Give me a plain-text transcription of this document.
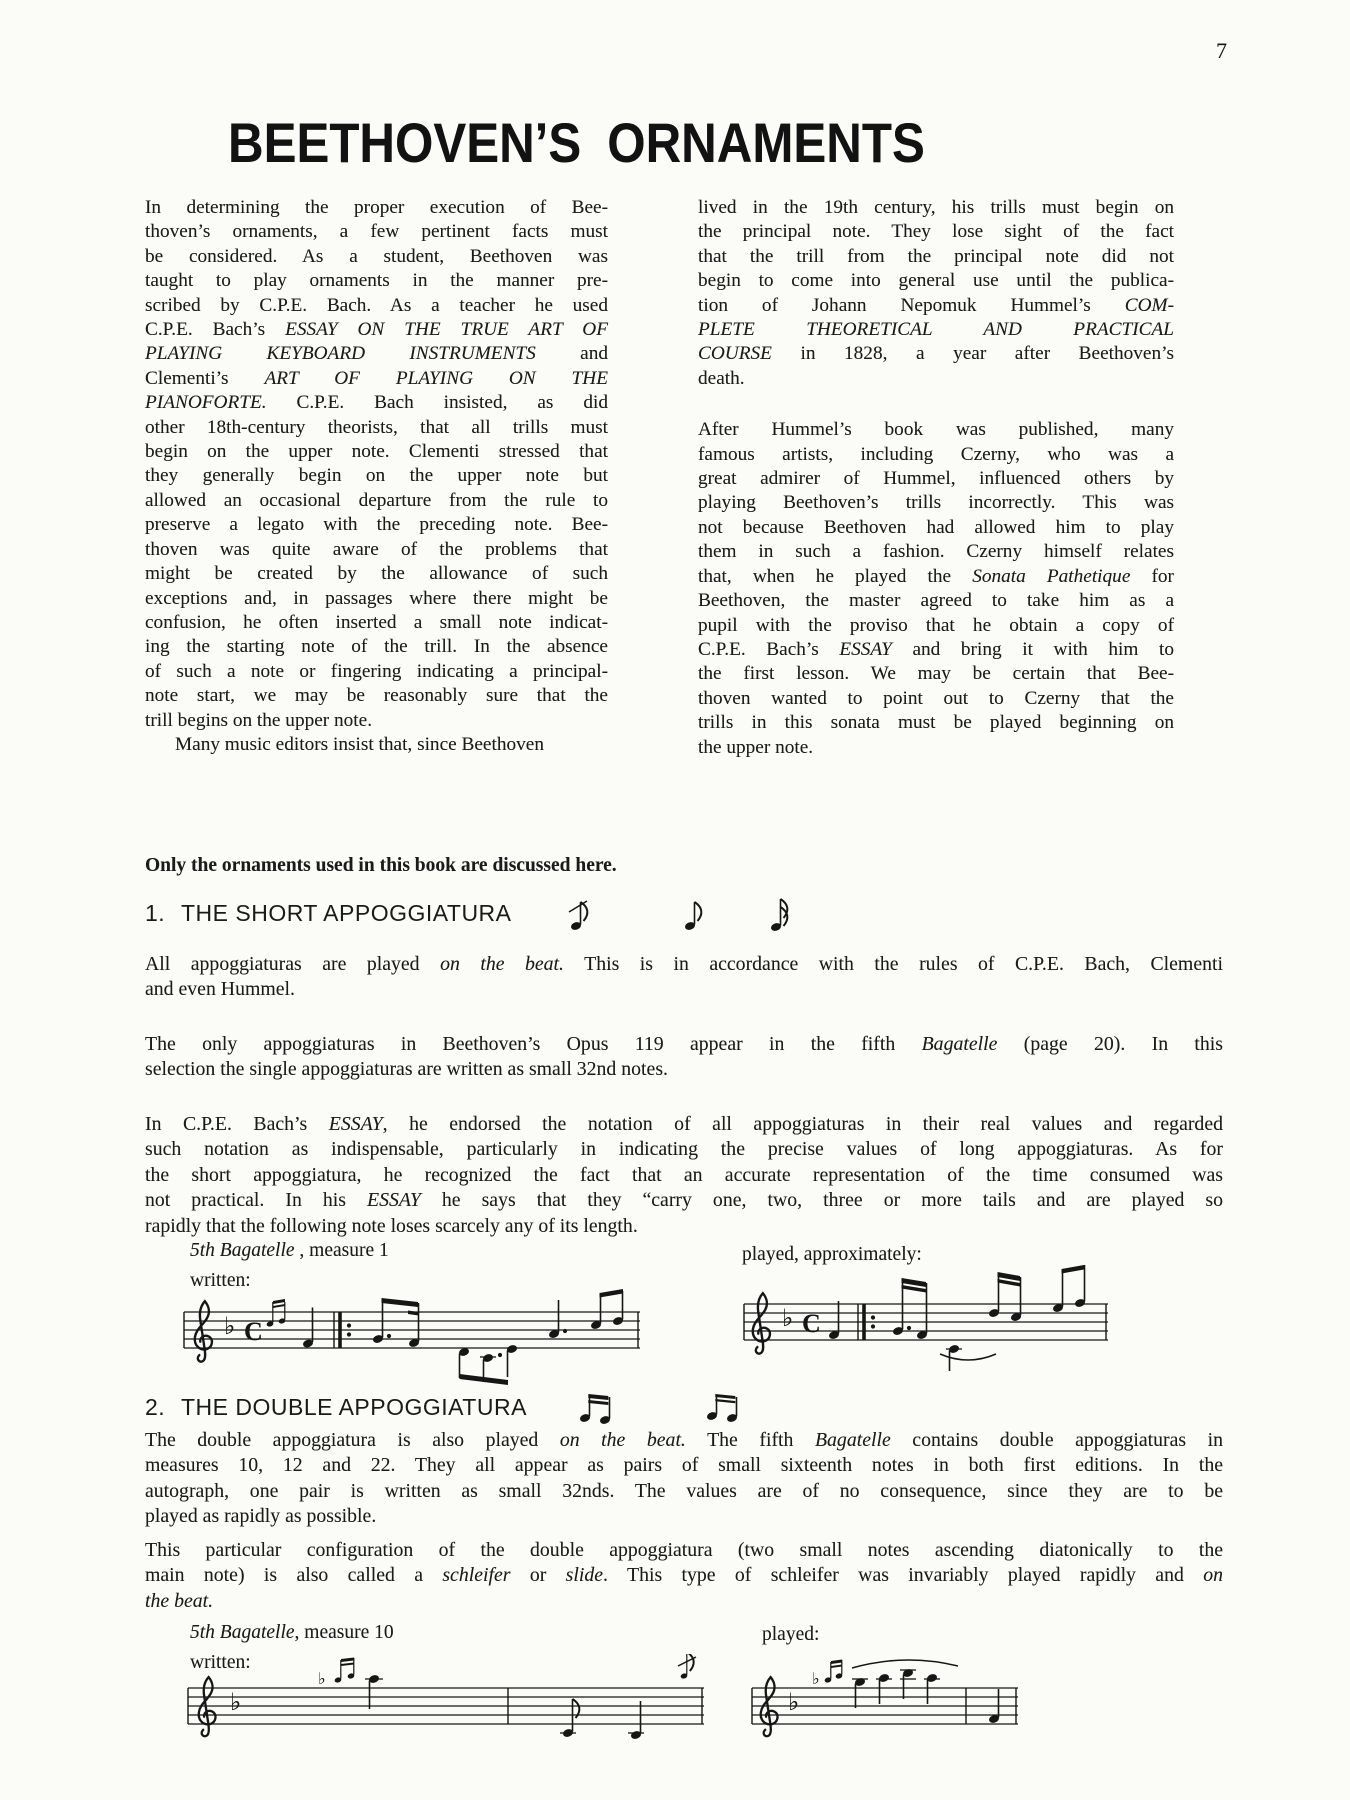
7
BEETHOVEN’S ORNAMENTS
In determining the proper execution of Bee-
thoven’s ornaments, a few pertinent facts must
be considered. As a student, Beethoven was
taught to play ornaments in the manner pre-
scribed by C.P.E. Bach. As a teacher he used
C.P.E. Bach’s ESSAY ON THE TRUE ART OF
PLAYING KEYBOARD INSTRUMENTS and
Clementi’s ART OF PLAYING ON THE
PIANOFORTE. C.P.E. Bach insisted, as did
other 18th-century theorists, that all trills must
begin on the upper note. Clementi stressed that
they generally begin on the upper note but
allowed an occasional departure from the rule to
preserve a legato with the preceding note. Bee-
thoven was quite aware of the problems that
might be created by the allowance of such
exceptions and, in passages where there might be
confusion, he often inserted a small note indicat-
ing the starting note of the trill. In the absence
of such a note or fingering indicating a principal-
note start, we may be reasonably sure that the
trill begins on the upper note.
Many music editors insist that, since Beethoven
lived in the 19th century, his trills must begin on
the principal note. They lose sight of the fact
that the trill from the principal note did not
begin to come into general use until the publica-
tion of Johann Nepomuk Hummel’s COM-
PLETE THEORETICAL AND PRACTICAL
COURSE in 1828, a year after Beethoven’s
death.
After Hummel’s book was published, many
famous artists, including Czerny, who was a
great admirer of Hummel, influenced others by
playing Beethoven’s trills incorrectly. This was
not because Beethoven had allowed him to play
them in such a fashion. Czerny himself relates
that, when he played the Sonata Pathetique for
Beethoven, the master agreed to take him as a
pupil with the proviso that he obtain a copy of
C.P.E. Bach’s ESSAY and bring it with him to
the first lesson. We may be certain that Bee-
thoven wanted to point out to Czerny that the
trills in this sonata must be played beginning on
the upper note.
Only the ornaments used in this book are discussed here.
1. THE SHORT APPOGGIATURA
All appoggiaturas are played on the beat. This is in accordance with the rules of C.P.E. Bach, Clementi
and even Hummel.
The only appoggiaturas in Beethoven’s Opus 119 appear in the fifth Bagatelle (page 20). In this
selection the single appoggiaturas are written as small 32nd notes.
In C.P.E. Bach’s ESSAY, he endorsed the notation of all appoggiaturas in their real values and regarded
such notation as indispensable, particularly in indicating the precise values of long appoggiaturas. As for
the short appoggiatura, he recognized the fact that an accurate representation of the time consumed was
not practical. In his ESSAY he says that they “carry one, two, three or more tails and are played so
rapidly that the following note loses scarcely any of its length.
5th Bagatelle , measure 1
written:
played, approximately:
♭ C	♭ C
2. THE DOUBLE APPOGGIATURA
The double appoggiatura is also played on the beat. The fifth Bagatelle contains double appoggiaturas in
measures 10, 12 and 22. They all appear as pairs of small sixteenth notes in both first editions. In the
autograph, one pair is written as small 32nds. The values are of no consequence, since they are to be
played as rapidly as possible.
This particular configuration of the double appoggiatura (two small notes ascending diatonically to the
main note) is also called a schleifer or slide. This type of schleifer was invariably played rapidly and on
the beat.
5th Bagatelle, measure 10
written:
played:
♭
♭
♭
♭
